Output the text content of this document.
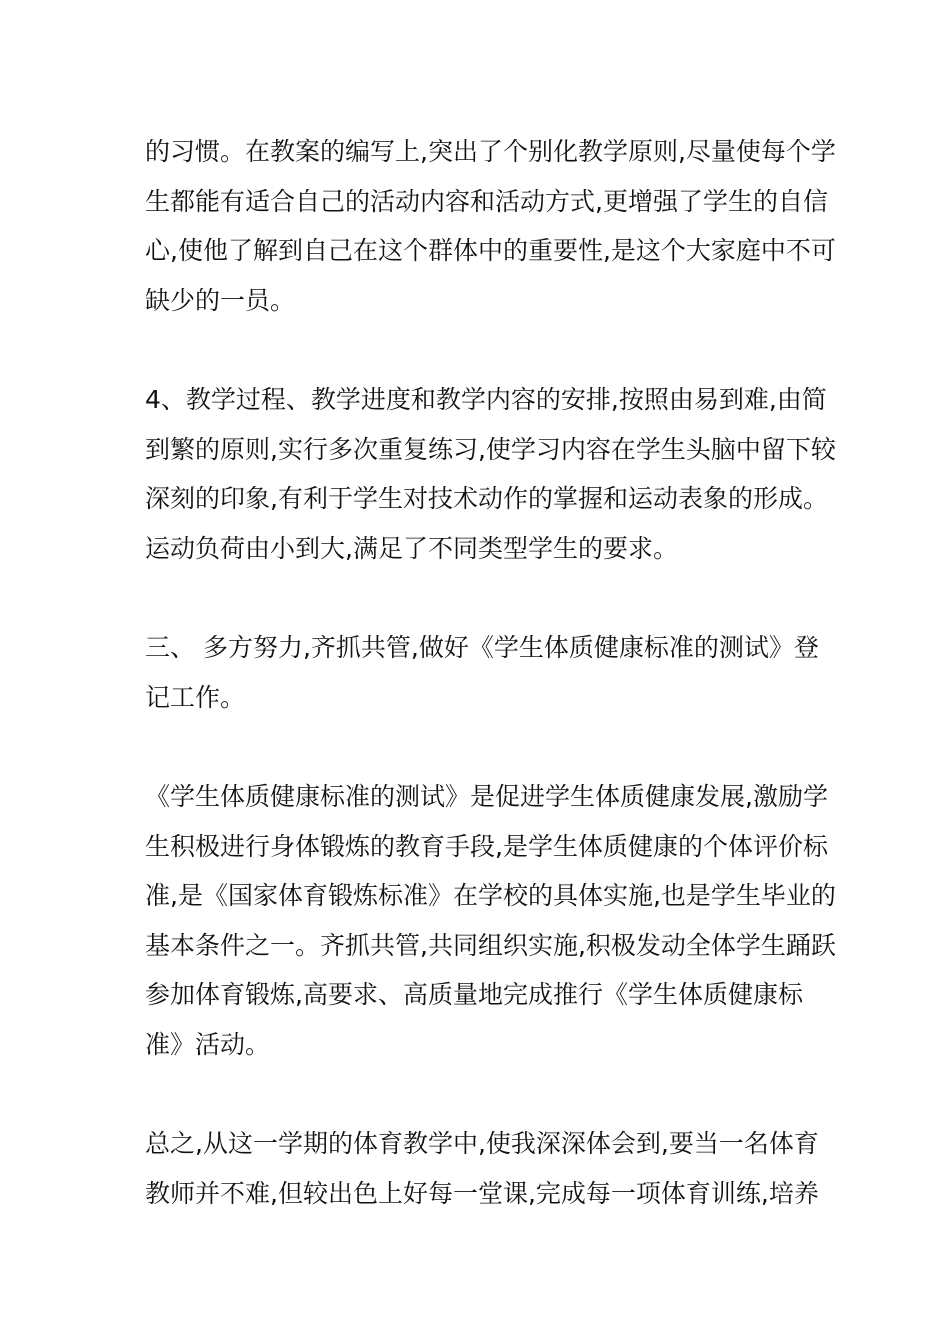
的习惯。在教案的编写上,突出了个别化教学原则,尽量使每个学
生都能有适合自己的活动内容和活动方式,更增强了学生的自信
心,使他了解到自己在这个群体中的重要性,是这个大家庭中不可
缺少的一员。
4、教学过程、教学进度和教学内容的安排,按照由易到难,由简
到繁的原则,实行多次重复练习,使学习内容在学生头脑中留下较
深刻的印象,有利于学生对技术动作的掌握和运动表象的形成。
运动负荷由小到大,满足了不同类型学生的要求。
三、 多方努力,齐抓共管,做好《学生体质健康标准的测试》登
记工作。
《学生体质健康标准的测试》是促进学生体质健康发展,激励学
生积极进行身体锻炼的教育手段,是学生体质健康的个体评价标
准,是《国家体育锻炼标准》在学校的具体实施,也是学生毕业的
基本条件之一。齐抓共管,共同组织实施,积极发动全体学生踊跃
参加体育锻炼,高要求、高质量地完成推行《学生体质健康标
准》活动。
总之,从这一学期的体育教学中,使我深深体会到,要当一名体育
教师并不难,但较出色上好每一堂课,完成每一项体育训练,培养
